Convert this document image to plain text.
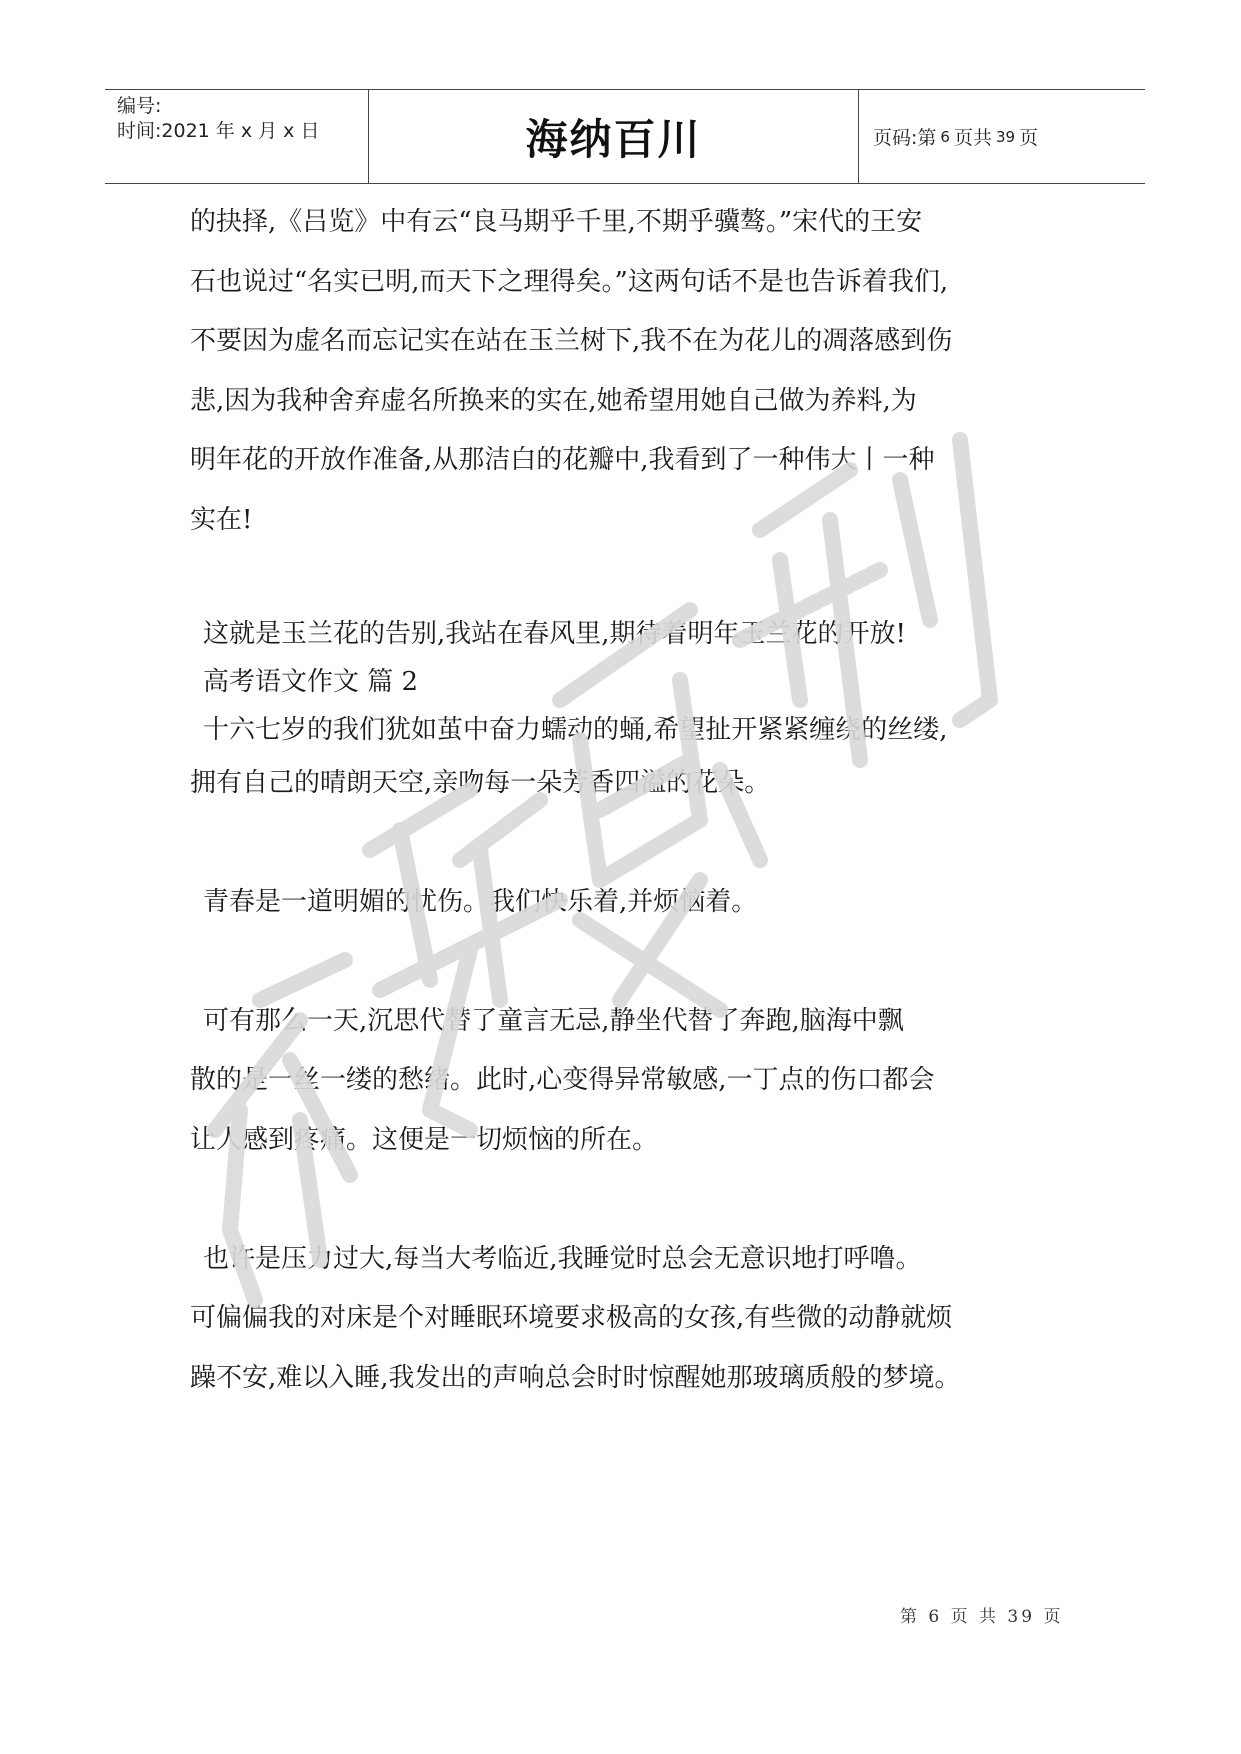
编号:
时间:2021 年 x 月 x 日	海纳百川	页码:第 6 页共 39 页
的抉择,《吕览》中有云“良马期乎千里,不期乎骥骜。”宋代的王安
石也说过“名实已明,而天下之理得矣。”这两句话不是也告诉着我们,
不要因为虚名而忘记实在站在玉兰树下,我不在为花儿的凋落感到伤
悲,因为我种舍弃虚名所换来的实在,她希望用她自己做为养料,为
明年花的开放作准备,从那洁白的花瓣中,我看到了一种伟大丨一种
实在!
这就是玉兰花的告别,我站在春风里,期待着明年玉兰花的开放!
高考语文作文 篇 2
十六七岁的我们犹如茧中奋力蠕动的蛹,希望扯开紧紧缠绕的丝缕,
拥有自己的晴朗天空,亲吻每一朵芳香四溢的花朵。
青春是一道明媚的忧伤。我们快乐着,并烦恼着。
可有那么一天,沉思代替了童言无忌,静坐代替了奔跑,脑海中飘
散的是一丝一缕的愁绪。此时,心变得异常敏感,一丁点的伤口都会
让人感到疼痛。这便是一切烦恼的所在。
也许是压力过大,每当大考临近,我睡觉时总会无意识地打呼噜。
可偏偏我的对床是个对睡眠环境要求极高的女孩,有些微的动静就烦
躁不安,难以入睡,我发出的声响总会时时惊醒她那玻璃质般的梦境。
第 6 页 共 39 页
